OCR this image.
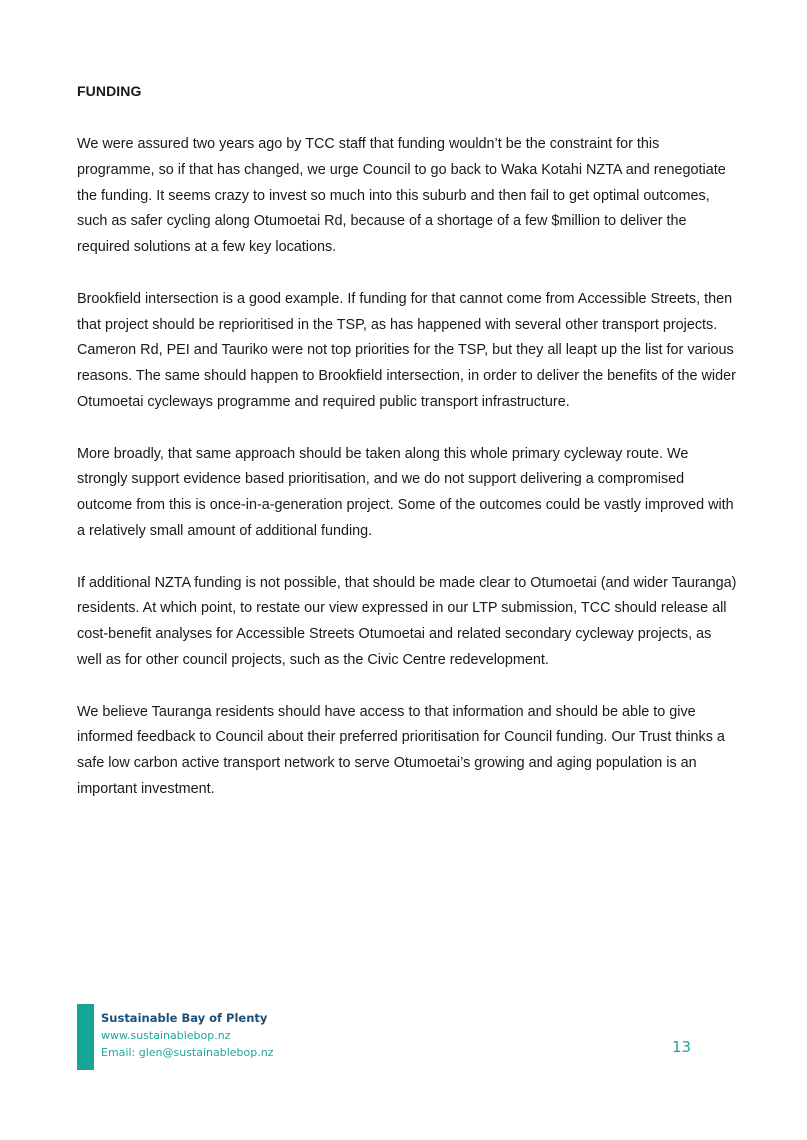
FUNDING

We were assured two years ago by TCC staff that funding wouldn’t be the constraint for this programme, so if that has changed, we urge Council to go back to Waka Kotahi NZTA and renegotiate the funding. It seems crazy to invest so much into this suburb and then fail to get optimal outcomes, such as safer cycling along Otumoetai Rd, because of a shortage of a few $million to deliver the required solutions at a few key locations.

Brookfield intersection is a good example. If funding for that cannot come from Accessible Streets, then that project should be reprioritised in the TSP, as has happened with several other transport projects. Cameron Rd, PEI and Tauriko were not top priorities for the TSP, but they all leapt up the list for various reasons. The same should happen to Brookfield intersection, in order to deliver the benefits of the wider Otumoetai cycleways programme and required public transport infrastructure.

More broadly, that same approach should be taken along this whole primary cycleway route. We strongly support evidence based prioritisation, and we do not support delivering a compromised outcome from this is once-in-a-generation project. Some of the outcomes could be vastly improved with a relatively small amount of additional funding.

If additional NZTA funding is not possible, that should be made clear to Otumoetai (and wider Tauranga) residents. At which point, to restate our view expressed in our LTP submission, TCC should release all cost-benefit analyses for Accessible Streets Otumoetai and related secondary cycleway projects, as well as for other council projects, such as the Civic Centre redevelopment.

We believe Tauranga residents should have access to that information and should be able to give informed feedback to Council about their preferred prioritisation for Council funding. Our Trust thinks a safe low carbon active transport network to serve Otumoetai’s growing and aging population is an important investment.

Sustainable Bay of Plenty
www.sustainablebop.nz
Email: glen@sustainablebop.nz	13
